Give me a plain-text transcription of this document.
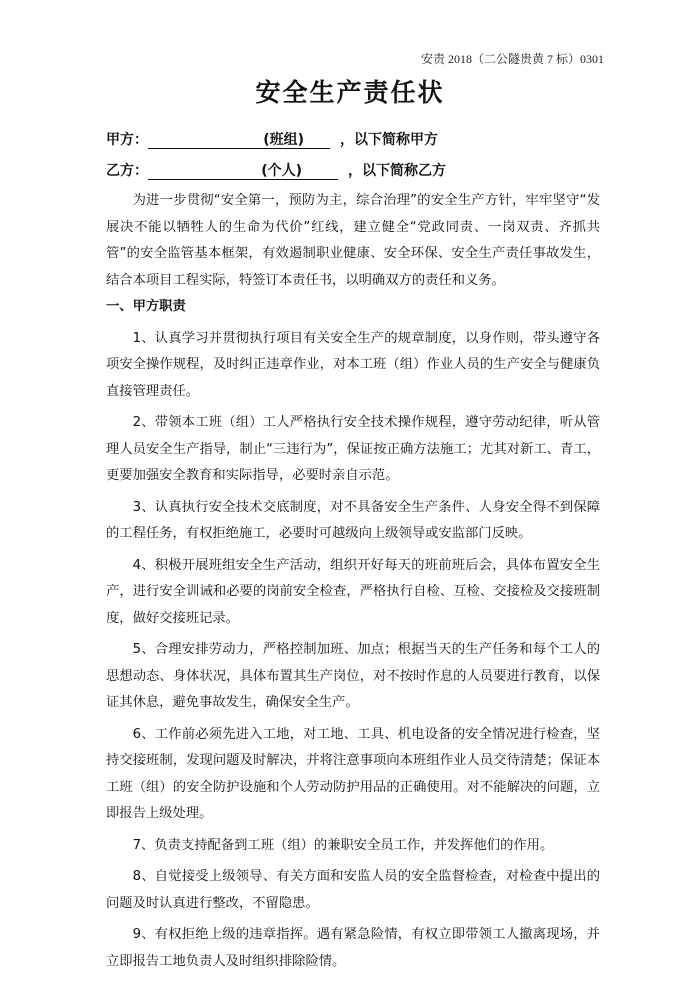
安责 2018（二公隧贵黄 7 标）0301
安全生产责任状
甲方：	(班组)	，以下简称甲方
乙方：	(个人)	，以下简称乙方

为进一步贯彻“安全第一，预防为主，综合治理”的安全生产方针，牢牢坚守“发展决不能以牺牲人的生命为代价”红线，建立健全“党政同责、一岗双责、齐抓共管”的安全监管基本框架，有效遏制职业健康、安全环保、安全生产责任事故发生，结合本项目工程实际，特签订本责任书，以明确双方的责任和义务。

一、甲方职责

1、认真学习并贯彻执行项目有关安全生产的规章制度，以身作则，带头遵守各项安全操作规程，及时纠正违章作业，对本工班（组）作业人员的生产安全与健康负直接管理责任。

2、带领本工班（组）工人严格执行安全技术操作规程，遵守劳动纪律，听从管理人员安全生产指导，制止“三违行为”，保证按正确方法施工；尤其对新工、青工，更要加强安全教育和实际指导，必要时亲自示范。

3、认真执行安全技术交底制度，对不具备安全生产条件、人身安全得不到保障的工程任务，有权拒绝施工，必要时可越级向上级领导或安监部门反映。

4、积极开展班组安全生产活动，组织开好每天的班前班后会，具体布置安全生产，进行安全训诫和必要的岗前安全检查，严格执行自检、互检、交接检及交接班制度，做好交接班记录。

5、合理安排劳动力，严格控制加班、加点；根据当天的生产任务和每个工人的思想动态、身体状况，具体布置其生产岗位，对不按时作息的人员要进行教育，以保证其休息，避免事故发生，确保安全生产。

6、工作前必须先进入工地，对工地、工具、机电设备的安全情况进行检查，坚持交接班制，发现问题及时解决，并将注意事项向本班组作业人员交待清楚；保证本工班（组）的安全防护设施和个人劳动防护用品的正确使用。对不能解决的问题，立即报告上级处理。

7、负责支持配备到工班（组）的兼职安全员工作，并发挥他们的作用。

8、自觉接受上级领导、有关方面和安监人员的安全监督检查，对检查中提出的问题及时认真进行整改，不留隐患。

9、有权拒绝上级的违章指挥。遇有紧急险情，有权立即带领工人撤离现场，并立即报告工地负责人及时组织排除险情。
